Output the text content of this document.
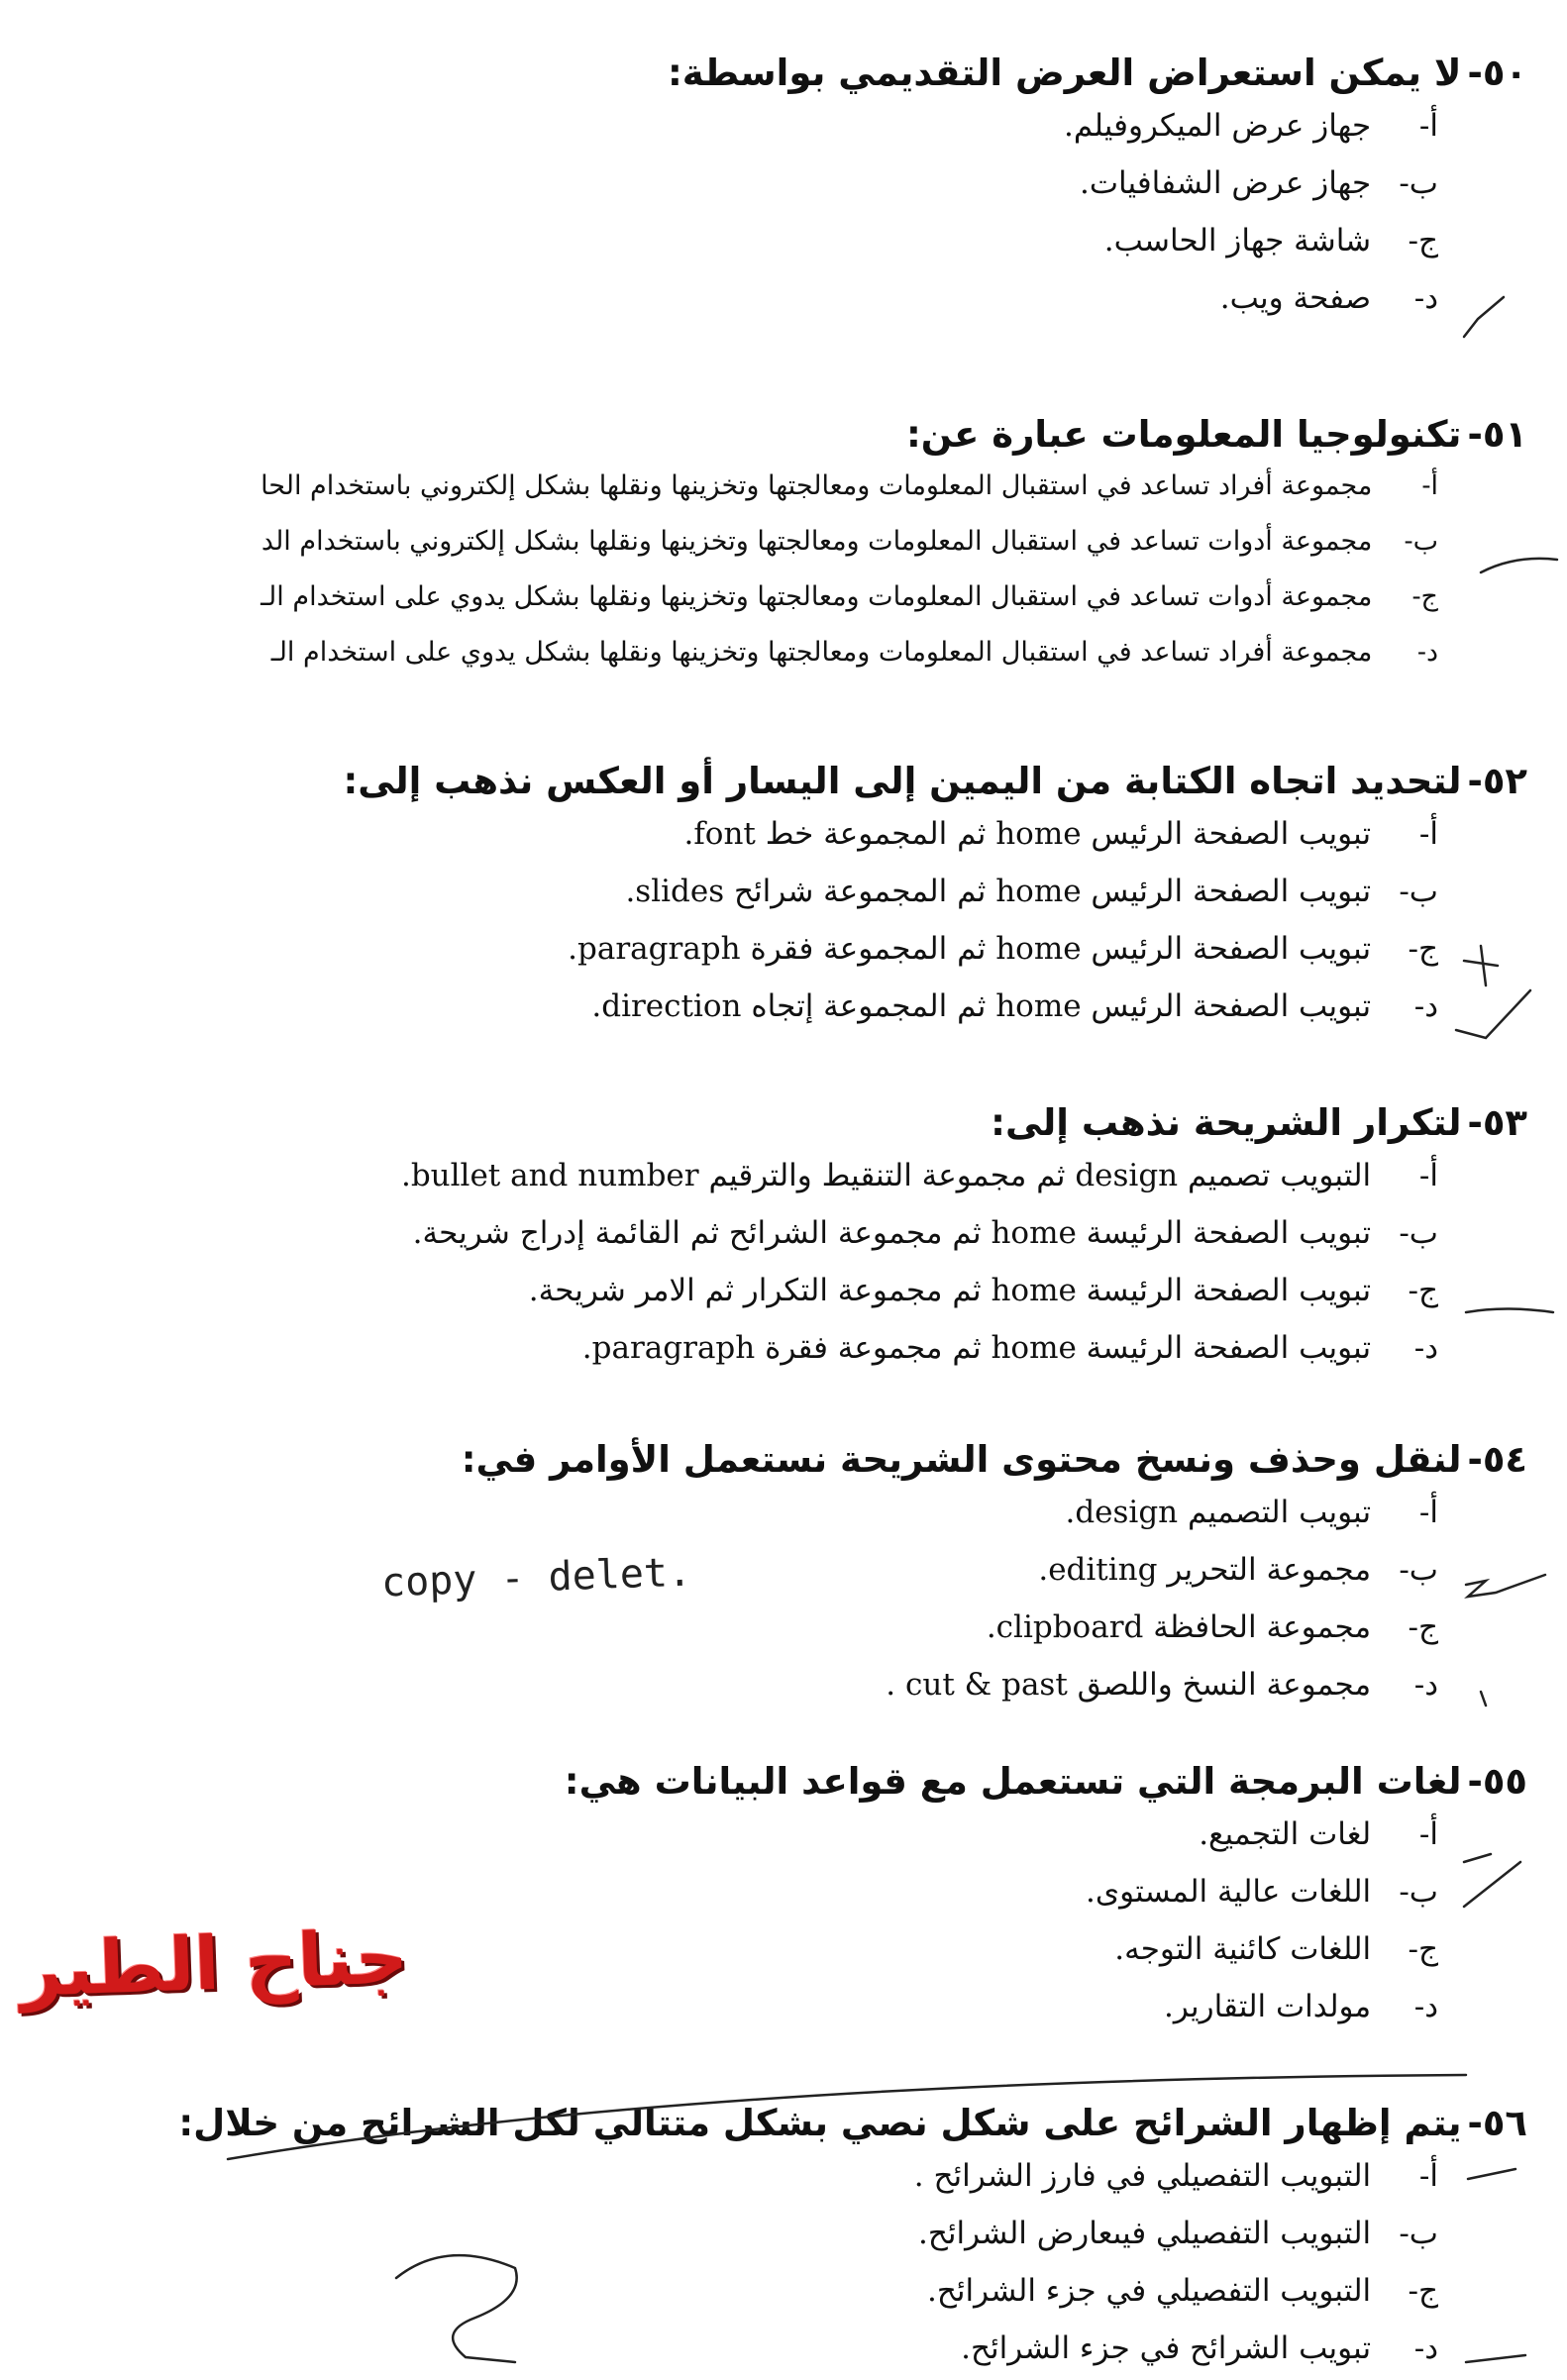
٥٠-لا يمكن استعراض العرض التقديمي بواسطة:
أ- جهاز عرض الميكروفيلم.
ب- جهاز عرض الشفافيات.
ج- شاشة جهاز الحاسب.
د- صفحة ويب.
٥١-تكنولوجيا المعلومات عبارة عن:
أ- مجموعة أفراد تساعد في استقبال المعلومات ومعالجتها وتخزينها ونقلها بشكل إلكتروني باستخدام الحا
ب- مجموعة أدوات تساعد في استقبال المعلومات ومعالجتها وتخزينها ونقلها بشكل إلكتروني باستخدام الد
ج- مجموعة أدوات تساعد في استقبال المعلومات ومعالجتها وتخزينها ونقلها بشكل يدوي على استخدام الـ
د- مجموعة أفراد تساعد في استقبال المعلومات ومعالجتها وتخزينها ونقلها بشكل يدوي على استخدام الـ
٥٢-لتحديد اتجاه الكتابة من اليمين إلى اليسار أو العكس نذهب إلى:
أ- تبويب الصفحة الرئيس home ثم المجموعة خط font.
ب- تبويب الصفحة الرئيس home ثم المجموعة شرائح slides.
ج- تبويب الصفحة الرئيس home ثم المجموعة فقرة paragraph.
د- تبويب الصفحة الرئيس home ثم المجموعة إتجاه direction.
٥٣-لتكرار الشريحة نذهب إلى:
أ- التبويب تصميم design ثم مجموعة التنقيط والترقيم bullet and number.
ب- تبويب الصفحة الرئيسة home ثم مجموعة الشرائح ثم القائمة إدراج شريحة.
ج- تبويب الصفحة الرئيسة home ثم مجموعة التكرار ثم الامر شريحة.
د- تبويب الصفحة الرئيسة home ثم مجموعة فقرة paragraph.
٥٤-لنقل وحذف ونسخ محتوى الشريحة نستعمل الأوامر في:
أ- تبويب التصميم design.
ب- مجموعة التحرير editing.
ج- مجموعة الحافظة clipboard.
د- مجموعة النسخ واللصق cut & past .
٥٥-لغات البرمجة التي تستعمل مع قواعد البيانات هي:
أ- لغات التجميع.
ب- اللغات عالية المستوى.
ج- اللغات كائنية التوجه.
د- مولدات التقارير.
٥٦-يتم إظهار الشرائح على شكل نصي بشكل متتالي لكل الشرائح من خلال:
أ- التبويب التفصيلي في فارز الشرائح .
ب- التبويب التفصيلي فيىعارض الشرائح.
ج- التبويب التفصيلي في جزء الشرائح.
د- تبويب الشرائح في جزء الشرائح.
copy - delet.
جناح الطير
